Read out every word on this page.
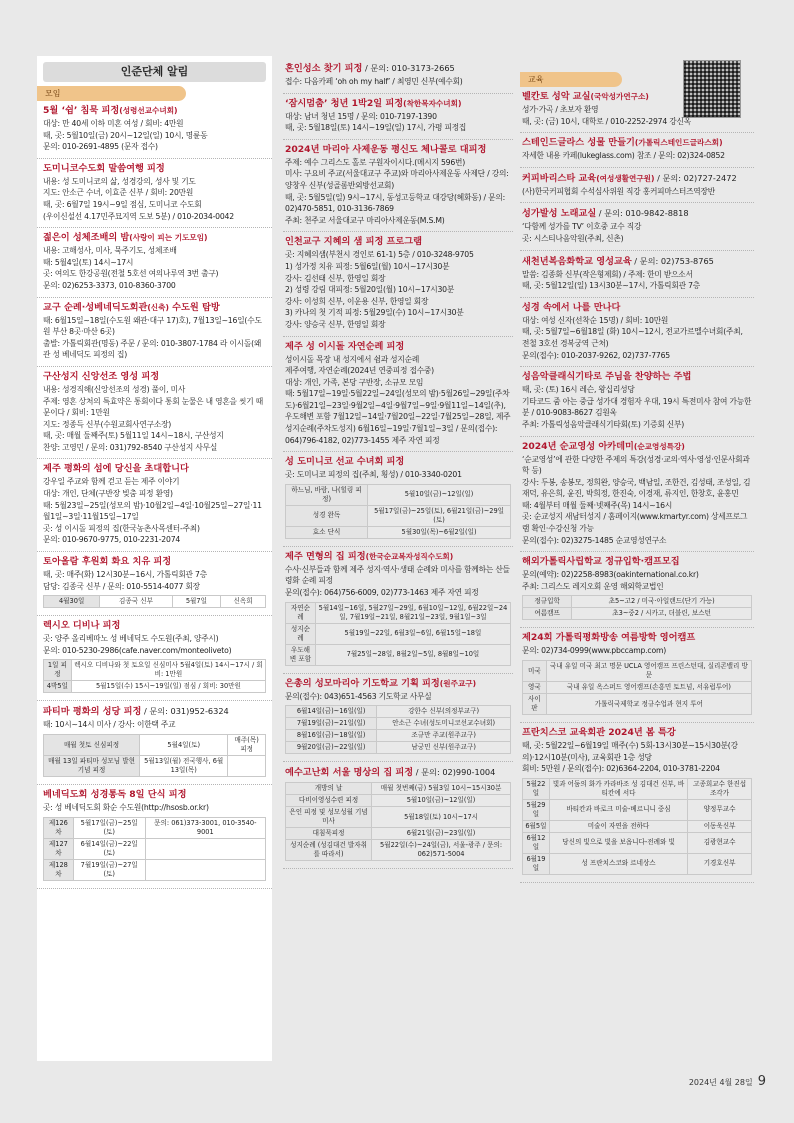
인준단체 알림
모임
5월 ‘쉼’ 침묵 피정(성령선교수녀회)

대상: 만 40세 이하 미혼 여성 / 회비: 4만원

때, 곳: 5월10일(금) 20시~12일(일) 10시, 명륜동

문의: 010-2691-4895 (문자 접수)

도미니코수도회 말씀여행 피정

내용: 성 도미니코의 삶, 성경강의, 성사 및 기도

지도: 안소근 수녀, 이효준 신부 / 회비: 20만원

때, 곳: 6월7일 19시~9일 점심, 도미니코 수도회

(우이신설선 4.17민주묘지역 도보 5분) / 010-2034-0042

젊은이 성체조배의 밤(사랑이 피는 기도모임)

내용: 고해성사, 미사, 묵주기도, 성체조배

때: 5월4일(토) 14시~17시

곳: 여의도 한강공원(전철 5호선 여의나루역 3번 출구)

문의: 02)6253-3373, 010-8360-3700

교구 순례·성베네딕도회관(신축) 수도원 탐방

때: 6월15일~18일(수도원 왜관·대구 17)호), 7월13일~16일(수도원 부산 8곳·마산 6곳)

출발: 가톨릭회관(명동) 주문 / 문의: 010-3807-1784 라 이시돌(왜관 성 베네딕도 피정의 집)

구산성지 신앙선조 영성 피정

내용: 성경직해(신앙선조의 성경) 풀이, 미사

주제: 영혼 상처의 특효약은 통회이다 통회 눈물은 내 영혼을 씻기 때문이다 / 회비: 1만원

지도: 정종득 신부(수원교회사연구소장)

때, 곳: 매월 둘째주(토) 5월11일 14시~18시, 구산성지

찬양: 고영민 / 문의: 031)792-8540 구산성지 사무실

제주 평화의 섬에 당신을 초대합니다

강우일 주교와 함께 걷고 듣는 제주 이야기

대상: 개인, 단체(구반장 빚춤 피정 환영)

때: 5월23일~25일(성모의 밤)·10월2일~4일·10월25일~27일·11월1일~3일·11월15일~17일

곳: 성 이시돌 피정의 집(한국농촌사목센터-주최)

문의: 010-9670-9775, 010-2231-2074

토아올람 후원회 화요 치유 피정

때, 곳: 매주(화) 12시30분~16시, 가톨릭회관 7층

담당: 김종국 신부 / 문의: 010-5514-4077 회장

4월30일	김종국 신부	5월7일	신옥희
렉시오 디비나 피정

곳: 양주 올리베따노 성 베네딕도 수도원(주최, 양주시)

문의: 010-5230-2986(cafe.naver.com/monteoliveto)

1일 피정	렉시오 디비나와 첫 토요일 신심미사 5월4일(토) 14시~17시 / 회비: 1만원
4박5일	5월15일(수) 15시~19일(일) 점심 / 회비: 30만원
파티마 평화의 성당 피정 / 문의: 031)952-6324

때: 10시~14시 미사 / 강사: 이한택 주교

매월 첫토 신심피정	5월4일(토)	매주(목) 피정
매월 13일 파티마 성모님 발현 기념 피정	5월13일(월) 전국행사, 6월13일(목)	
베네딕도회 성경통독 8일 단식 피정

곳: 성 베네딕도회 화순 수도원(http://hsosb.or.kr)

제126차	5월17일(금)~25일(토)	문의: 061)373-3001, 010-3540-9001
제127차	6월14일(금)~22일(토)	
제128차	7월19일(금)~27일(토)	
혼인성소 찾기 피정 / 문의: 010-3173-2665

접수: 다음카페 ‘oh oh my half’ / 최영민 신부(예수회)

‘잠시멈춤’ 청년 1박2일 피정(착한목자수녀회)

대상: 남녀 청년 15명 / 문의: 010-7197-1390

때, 곳: 5월18일(토) 14시~19일(일) 17시, 가평 피정집

2024년 마리아 사제운동 평신도 체나콜로 대피정

주제: 예수 그리스도 홀로 구원자이시다.(메시지 596번)

미사: 구요비 주교(서울대교구 주교)와 마리아사제운동 사제단 / 강의: 양창우 신부(성골롬반외방선교회)

때, 곳: 5월5일(일) 9시~17시, 동성고등학교 대강당(혜화동) / 문의: 02)470-5851, 010-3136-7869

주최: 천주교 서울대교구 마리아사제운동(M.S.M)

인천교구 지혜의 샘 피정 프로그램

곳: 지혜의샘(부천시 경인로 61-1) 5층 / 010-3248-9705

1) 성가정 치유 피정: 5월6일(월) 10시~17시30분

강사: 김선태 신부, 한영일 회장

2) 성령 강림 대피정: 5월20일(월) 10시~17시30분

강사: 이성희 신부, 이운용 신부, 한영일 회장

3) 카나의 첫 기적 피정: 5월29일(수) 10시~17시30분

강사: 양승국 신부, 한영일 회장

제주 성 이시돌 자연순례 피정

성이시돌 목장 내 성지에서 쉼과 성지순례

제주여행, 자연순례(2024년 연중피정 접수중)

대상: 개인, 가족, 본당 구반장, 소규모 모임

때: 5월17일~19일·5월22일~24일(성모의 밤)·5월26일~29일(주차도)·6월21일~23일·9월2일~4일·9월7일~9일·9월11일~14일(추), 우도해변 포함 7월12일~14일·7월20일~22일·7월25일~28일, 제주성지순례(주차도성지) 6월16일~19일·7월1일~3일 / 문의(접수): 064)796-4182, 02)773-1455 제주 자연 피정

성 도미니코 선교 수녀회 피정

곳: 도미니코 피정의 집(주최, 횡성) / 010-3340-0201

하느님, 바람, 나(힐링 피정)	5월10일(금)~12일(일)
성경 완독	5월17일(금)~25일(토), 6월21일(금)~29일(토)
효소 단식	5월30일(목)~6월2일(일)
제주 면형의 집 피정(한국순교복자성직수도회)

수사·신부들과 함께 제주 성지·역사·생태 순례와 미사를 함께하는 산들령화 순례 피정

문의(접수): 064)756-6009, 02)773-1463 제주 자연 피정

자연순례	5월14일~16일, 5월27일~29일, 6월10일~12일, 6월22일~24일, 7월19일~21일, 8월21일~23일, 9월1일~3일
성지순례	5월19일~22일, 6월3일~6일, 6월15일~18일
우도해변 포함	7월25일~28일, 8월2일~5일, 8월8일~10일
은총의 성모마리아 기도학교 기획 피정(원주교구)

문의(접수): 043)651-4563 기도학교 사무실

6월14일(금)~16일(일)	강한수 신부(의정부교구)
7월19일(금)~21일(일)	안소근 수녀(성도미니코선교수녀회)
8월16일(금)~18일(일)	조규만 주교(원주교구)
9월20일(금)~22일(일)	남궁민 신부(원주교구)
예수고난회 서울 명상의 집 피정 / 문의: 02)990-1004
개방의 날	매월 첫번째(금) 5월3일 10시~15시30분
다비이영성수련 피정	5월10일(금)~12일(일)
은인 피정 및 성모성월 기념미사	5월18일(토) 10시~17시
대침묵피정	6월21일(금)~23일(일)
성지순례 (성김대건 발자취를 따라서)	5월22일(수)~24일(금), 서울-광주 / 문의: 062)571-5004
교육
벨칸토 성악 교실(국악성가연구소)

성가·가곡 / 초보자 환영

때, 곳: (금) 10시, 대학로 / 010-2252-2974 강신옥

스테인드글라스 성물 만들기(가톨릭스테인드글라스회)

자세한 내용 카페(lukeglass.com) 참조 / 문의: 02)324-0852

커피바리스타 교육(여성생활연구원) / 문의: 02)727-2472

(사)한국커피협회 수석심사위원 직강 홍커피마스터즈역장반

성가발성 노래교실 / 문의: 010-9842-8818

‘다함께 성가를 TV’ 이호중 교수 직강

곳: 시스티나음악원(주최, 신촌)

새천년복음화학교 영성교육 / 문의: 02)753-8765

말씀: 김종화 신부(작은형제회) / 주제: 한미 받으소서

때, 곳: 5월12일(일) 13시30분~17시, 가톨릭회관 7층

성경 속에서 나를 만나다

대상: 여성 신자(선착순 15명) / 회비: 10만원

때, 곳: 5월7일~6월18일 (화) 10시~12시, 전교가르멜수녀회(주최, 전철 3호선 경복궁역 근처)

문의(접수): 010-2037-9262, 02)737-7765

성음악클래식기타로 주님을 찬양하는 주법

때, 곳: (토) 16시 레슨, 왕십리성당

기타코드 줌 아는 중급 성가대 경험자 우대, 19시 특전미사 참여 가능한 분 / 010-9083-8627 김원욱

주최: 가톨릭성음악클래식기타회(토) 기증회 신부)

2024년 순교영성 아카데미(순교영성특강)

‘순교영성’에 관한 다양한 주제의 특강(성경·교의·역사·영성·인문사회과학 등)

강사: 두봉, 송봉모, 정희완, 양승국, 백남일, 조한건, 김성태, 조성일, 김재덕, 유은희, 윤진, 박희정, 한진숙, 이경재, 류지인, 한창호, 윤홍민

때: 4월부터 매월 둘째·넷째주(목) 14시~16시

곳: 순교성지 새남터성지 / 홈페이지(www.kmartyr.com) 상세프로그램 확인·수강신청 가능

문의(접수): 02)3275-1485 순교영성연구소

해외가톨릭사립학교 정규입학·캠프모집

문의(예약): 02)2258-8983(oakinternational.co.kr)

주최: 그리스도 레지오회 운영 해외학교법인

정규입학	초5~고2 / 미국·아일랜드(단기 가능)
여름캠프	초3~중2 / 시카고, 더블린, 보스턴
제24회 가톨릭평화방송 여름방학 영어캠프

문의: 02)734-0999(www.pbccamp.com)

미국	국내 유일 미국 최고 명문 UCLA 영어캠프 프린스턴대, 실리콘밸리 방문
영국	국내 유일 옥스퍼드 영어캠프(손흥민 토트넘, 서유럽투어)
사이판	가톨릭국제학교 정규수업과 현지 투어
프란치스코 교육회관 2024년 봄 특강

때, 곳: 5월22일~6월19일 매주(수) 5회-13시30분~15시30분(강의)·12시10분(미사), 교육회관 1층 성당

회비: 5만원 / 문의(접수): 02)6364-2204, 010-3781-2204

5월22일	빛과 어둠의 화가 카라바조 성 김대건 신부, 바티칸에 서다	고종희교수 한진섭조각가
5월29일	바티칸과 바로크 미술-베르니니 중심	양정무교수
6월5일	미술이 자연을 전하다	이동욱신부
6월12일	당신의 빛으로 빛을 보옵니다-전례와 빛	김광현교수
6월19일	성 프란치스코와 르네상스	기경호신부
2024년 4월 28일 9
